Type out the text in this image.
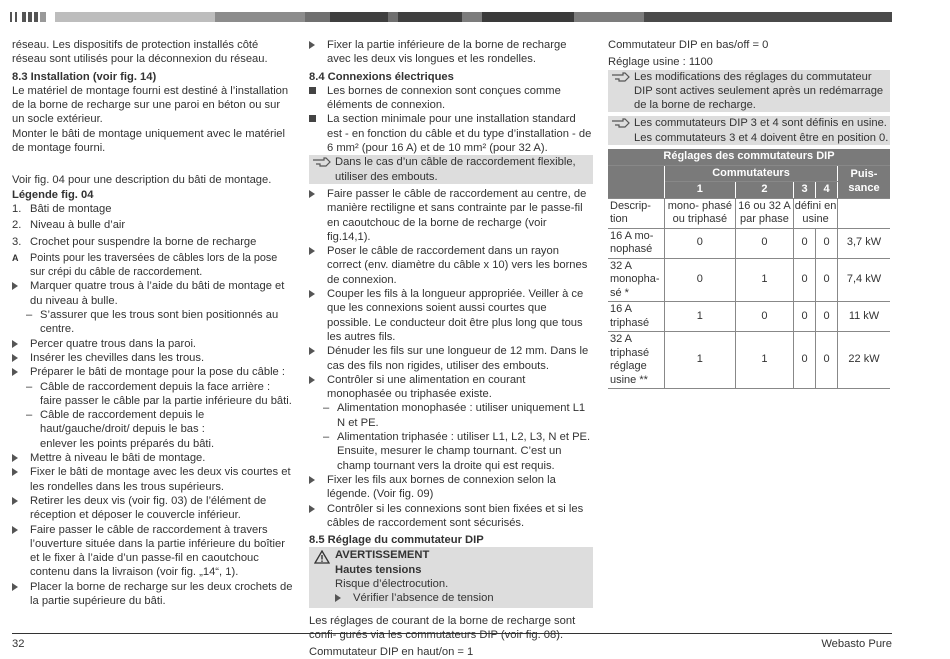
réseau. Les dispositifs de protection installés côté réseau sont utilisés pour la déconnexion du réseau.

8.3 Installation (voir fig. 14)

Le matériel de montage fourni est destiné à l’installation de la borne de recharge sur une paroi en béton ou sur un socle extérieur.

Monter le bâti de montage uniquement avec le matériel de montage fourni.

Voir fig. 04 pour une description du bâti de montage.

Légende fig. 04

1. Bâti de montage
2. Niveau à bulle d’air
3. Crochet pour suspendre la borne de recharge
A Points pour les traversées de câbles lors de la pose sur crépi du câble de raccordement.
Marquer quatre trous à l’aide du bâti de montage et du niveau à bulle.
– S’assurer que les trous sont bien positionnés au centre.
Percer quatre trous dans la paroi.
Insérer les chevilles dans les trous.
Préparer le bâti de montage pour la pose du câble :
– Câble de raccordement depuis la face arrière :
faire passer le câble par la partie inférieure du bâti.
– Câble de raccordement depuis le haut/gauche/droit/ depuis le bas :
enlever les points préparés du bâti.
Mettre à niveau le bâti de montage.
Fixer le bâti de montage avec les deux vis courtes et les rondelles dans les trous supérieurs.
Retirer les deux vis (voir fig. 03) de l’élément de réception et déposer le couvercle inférieur.
Faire passer le câble de raccordement à travers l’ouverture située dans la partie inférieure du boîtier et le fixer à l’aide d’un passe-fil en caoutchouc contenu dans la livraison (voir fig. „14“, 1).
Placer la borne de recharge sur les deux crochets de la partie supérieure du bâti.
Fixer la partie inférieure de la borne de recharge avec les deux vis longues et les rondelles.

8.4 Connexions électriques

Les bornes de connexion sont conçues comme éléments de connexion.
La section minimale pour une installation standard est - en fonction du câble et du type d’installation - de 6 mm² (pour 16 A) et de 10 mm² (pour 32 A).
Dans le cas d’un câble de raccordement flexible, utiliser des embouts.
Faire passer le câble de raccordement au centre, de manière rectiligne et sans contrainte par le passe-fil en caoutchouc de la borne de recharge (voir fig.14,1).
Poser le câble de raccordement dans un rayon correct (env. diamètre du câble x 10) vers les bornes de connexion.
Couper les fils à la longueur appropriée. Veiller à ce que les connexions soient aussi courtes que possible. Le conducteur doit être plus long que tous les autres fils.
Dénuder les fils sur une longueur de 12 mm. Dans le cas des fils non rigides, utiliser des embouts.
Contrôler si une alimentation en courant monophasée ou triphasée existe.
– Alimentation monophasée : utiliser uniquement L1 N et PE.
– Alimentation triphasée : utiliser L1, L2, L3, N et PE. Ensuite, mesurer le champ tournant. C’est un champ tournant vers la droite qui est requis.
Fixer les fils aux bornes de connexion selon la légende. (Voir fig. 09)
Contrôler si les connexions sont bien fixées et si les câbles de raccordement sont sécurisés.

8.5 Réglage du commutateur DIP

AVERTISSEMENT

Hautes tensions

Risque d’électrocution.

Vérifier l’absence de tension

Les réglages de courant de la borne de recharge sont confi- gurés via les commutateurs DIP (voir fig. 08).

Commutateur DIP en haut/on = 1

Commutateur DIP en bas/off = 0

Réglage usine : 1100

Les modifications des réglages du commutateur DIP sont actives seulement après un redémarrage de la borne de recharge.
Les commutateurs DIP 3 et 4 sont définis en usine. Les commutateurs 3 et 4 doivent être en position 0.
Réglages des commutateurs DIP					
	Commutateurs				Puis- sance
	1	2	3	4	
Descrip- tion	mono- phasé ou triphasé	16 ou 32 A par phase	défini en usine		
16 A mo- nophasé	0	0	0	0	3,7 kW
32 A monopha- sé *	0	1	0	0	7,4 kW
16 A triphasé	1	0	0	0	11 kW
32 A triphasé réglage usine **	1	1	0	0	22 kW
32	Webasto Pure
